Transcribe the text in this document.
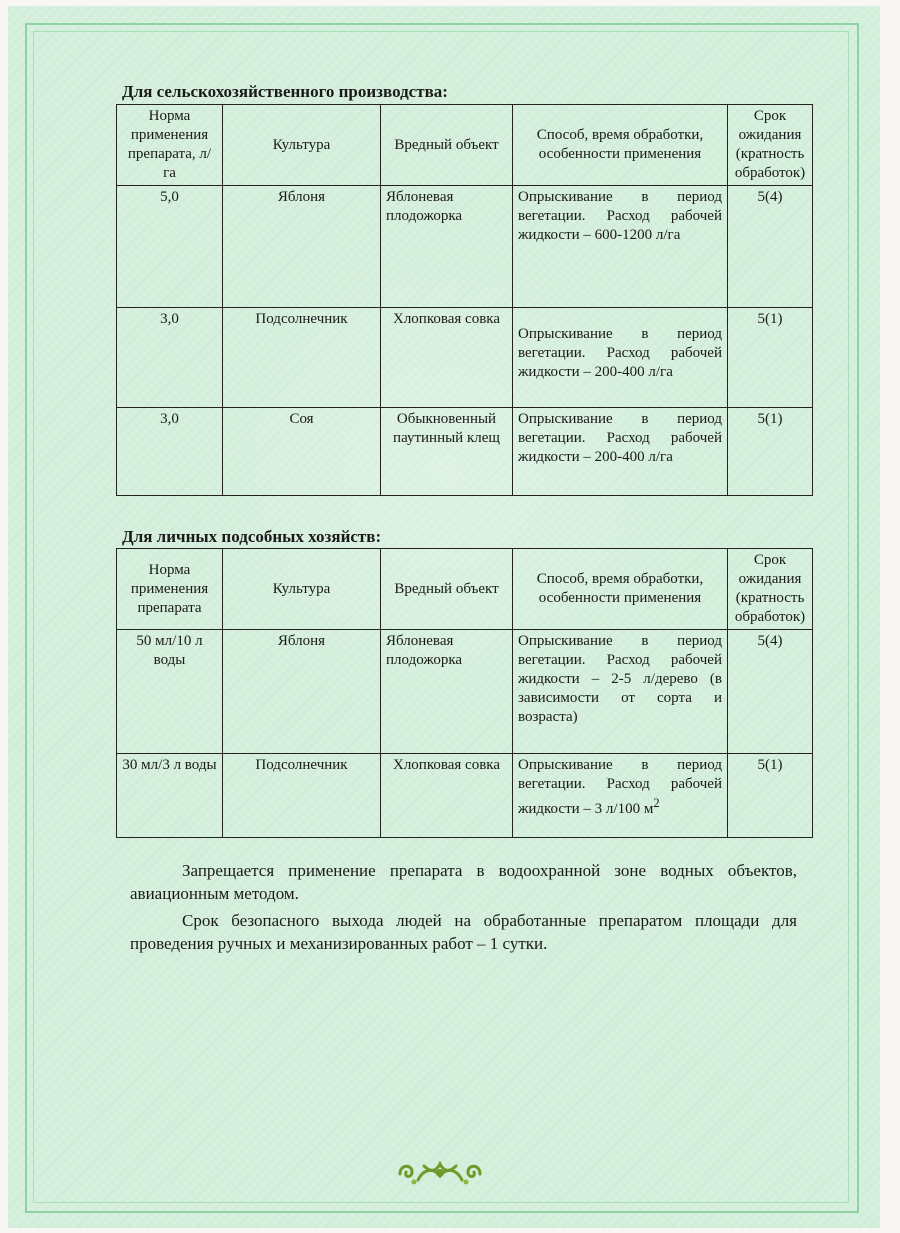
Для сельскохозяйственного производства:
Норма применения препарата, л/га	Культура	Вредный объект	Способ, время обработки, особенности применения	Срок ожидания (кратность обработок)
5,0	Яблоня	Яблоневая плодожорка	Опрыскивание в период вегетации. Расход рабочей жидкости – 600-1200 л/га	5(4)
3,0	Подсолнечник	Хлопковая совка	Опрыскивание в период вегетации. Расход рабочей жидкости – 200-400 л/га	5(1)
3,0	Соя	Обыкновенный паутинный клещ	Опрыскивание в период вегетации. Расход рабочей жидкости – 200-400 л/га	5(1)
Для личных подсобных хозяйств:
Норма применения препарата	Культура	Вредный объект	Способ, время обработки, особенности применения	Срок ожидания (кратность обработок)
50 мл/10 л воды	Яблоня	Яблоневая плодожорка	Опрыскивание в период вегетации. Расход рабочей жидкости – 2-5 л/дерево (в зависимости от сорта и возраста)	5(4)
30 мл/3 л воды	Подсолнечник	Хлопковая совка	Опрыскивание в период вегетации. Расход рабочей жидкости – 3 л/100 $м^2$	5(1)

Запрещается применение препарата в водоохранной зоне водных объектов, авиационным методом.

Срок безопасного выхода людей на обработанные препаратом площади для проведения ручных и механизированных работ – 1 сутки.
